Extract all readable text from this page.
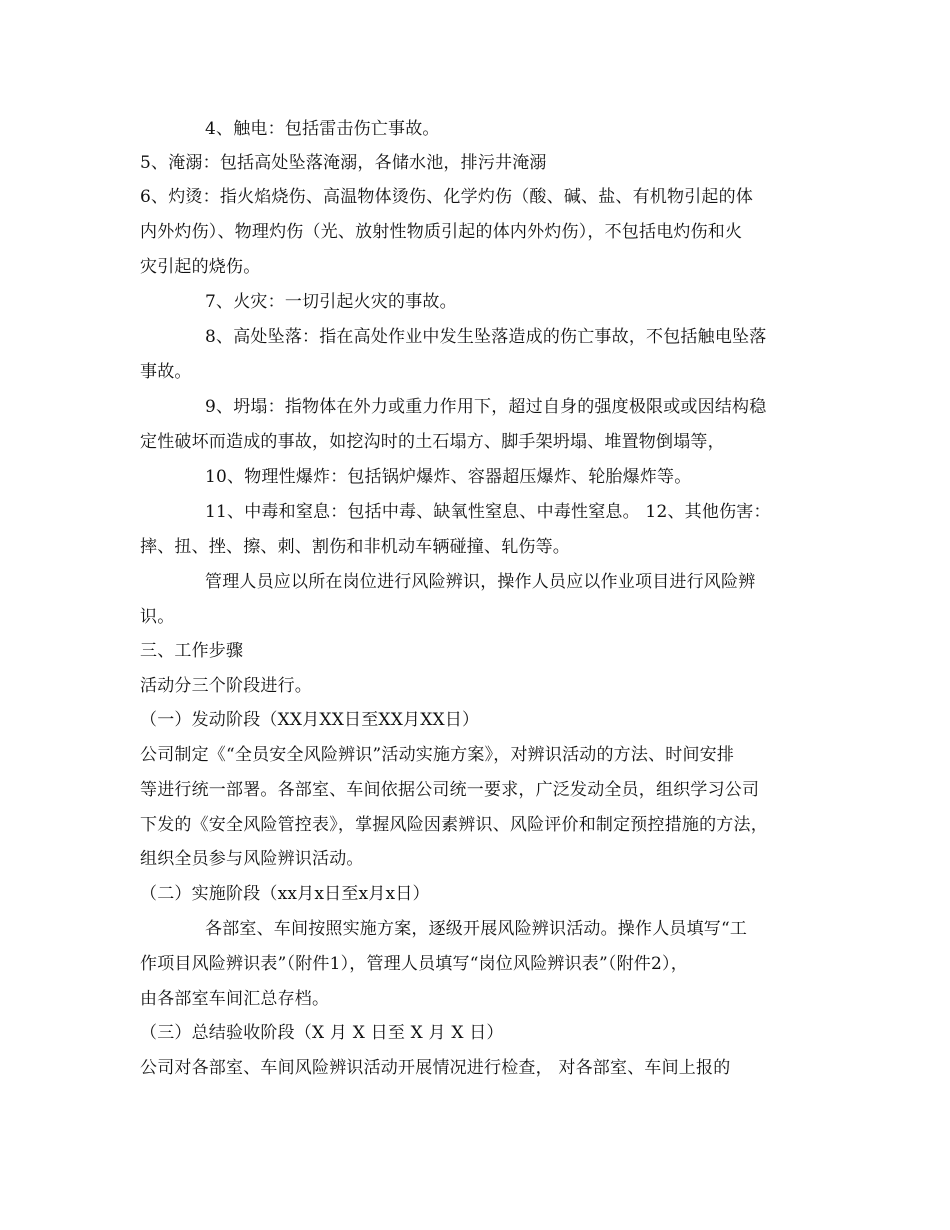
4、触电：包括雷击伤亡事故。
5、淹溺：包括高处坠落淹溺，各储水池，排污井淹溺
6、灼烫：指火焰烧伤、高温物体烫伤、化学灼伤（酸、碱、盐、有机物引起的体
内外灼伤）、物理灼伤（光、放射性物质引起的体内外灼伤），不包括电灼伤和火
灾引起的烧伤。
7、火灾：一切引起火灾的事故。
8、高处坠落：指在高处作业中发生坠落造成的伤亡事故，不包括触电坠落
事故。
9、坍塌：指物体在外力或重力作用下，超过自身的强度极限或或因结构稳
定性破坏而造成的事故，如挖沟时的土石塌方、脚手架坍塌、堆置物倒塌等，
10、物理性爆炸：包括锅炉爆炸、容器超压爆炸、轮胎爆炸等。
11、中毒和窒息：包括中毒、缺氧性窒息、中毒性窒息。 12、其他伤害：
摔、扭、挫、擦、刺、割伤和非机动车辆碰撞、轧伤等。
管理人员应以所在岗位进行风险辨识，操作人员应以作业项目进行风险辨
识。
三、工作步骤
活动分三个阶段进行。
（一）发动阶段（XX月XX日至XX月XX日）
公司制定《“全员安全风险辨识”活动实施方案》，对辨识活动的方法、时间安排
等进行统一部署。各部室、车间依据公司统一要求，广泛发动全员，组织学习公司
下发的《安全风险管控表》，掌握风险因素辨识、风险评价和制定预控措施的方法，
组织全员参与风险辨识活动。
（二）实施阶段（xx月x日至x月x日）
各部室、车间按照实施方案，逐级开展风险辨识活动。操作人员填写“工
作项目风险辨识表”（附件1），管理人员填写“岗位风险辨识表”（附件2），
由各部室车间汇总存档。
（三）总结验收阶段（X 月 X 日至 X 月 X 日）
公司对各部室、车间风险辨识活动开展情况进行检查， 对各部室、车间上报的
